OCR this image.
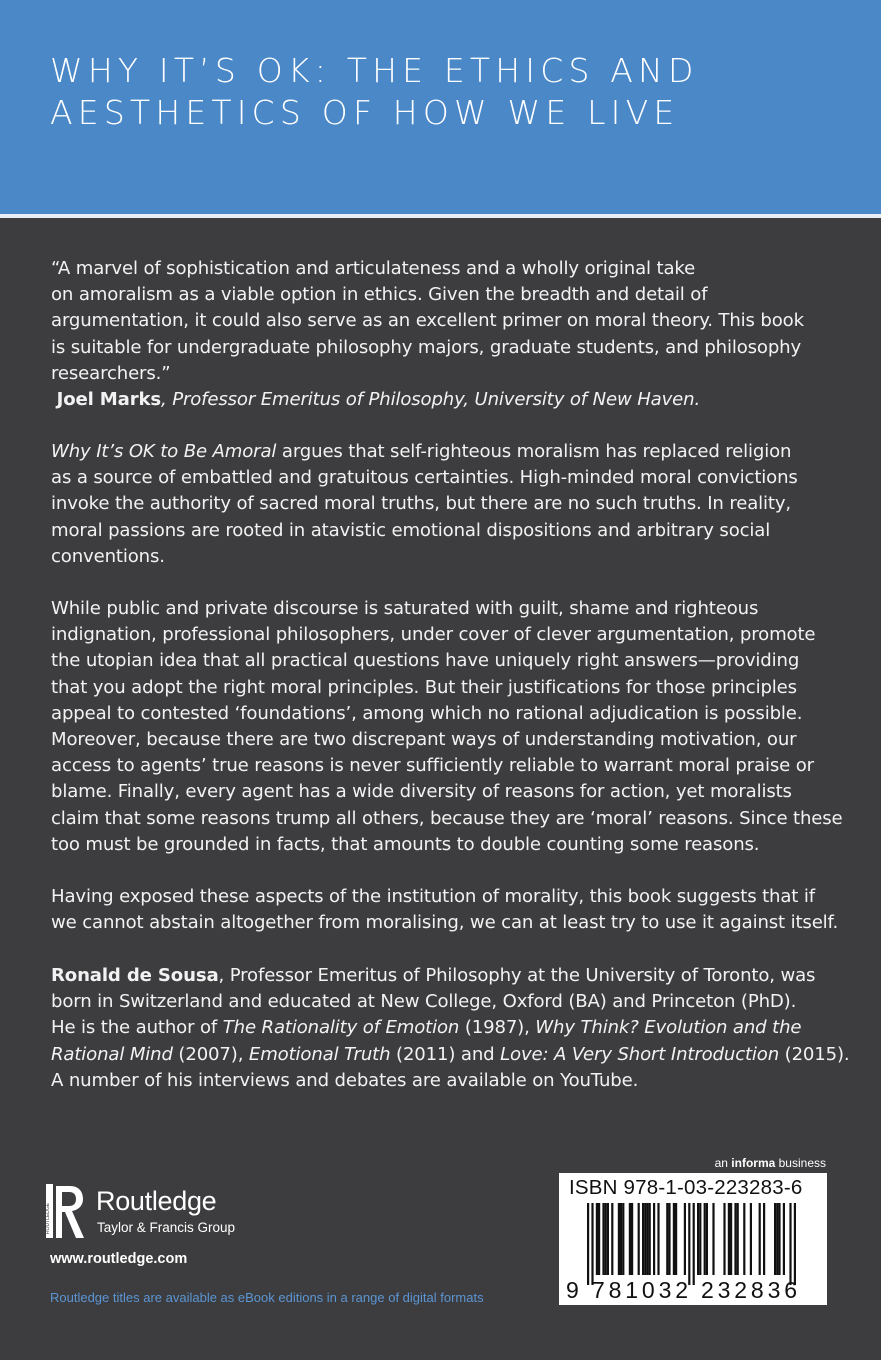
WHY IT’S OK: THE ETHICS AND
AESTHETICS OF HOW WE LIVE
“A marvel of sophistication and articulateness and a wholly original take
on amoralism as a viable option in ethics. Given the breadth and detail of
argumentation, it could also serve as an excellent primer on moral theory. This book
is suitable for undergraduate philosophy majors, graduate students, and philosophy
researchers.”
Joel Marks, Professor Emeritus of Philosophy, University of New Haven.
Why It’s OK to Be Amoral argues that self-righteous moralism has replaced religion
as a source of embattled and gratuitous certainties. High-minded moral convictions
invoke the authority of sacred moral truths, but there are no such truths. In reality,
moral passions are rooted in atavistic emotional dispositions and arbitrary social
conventions.
While public and private discourse is saturated with guilt, shame and righteous
indignation, professional philosophers, under cover of clever argumentation, promote
the utopian idea that all practical questions have uniquely right answers—providing
that you adopt the right moral principles. But their justifications for those principles
appeal to contested ‘foundations’, among which no rational adjudication is possible.
Moreover, because there are two discrepant ways of understanding motivation, our
access to agents’ true reasons is never sufficiently reliable to warrant moral praise or
blame. Finally, every agent has a wide diversity of reasons for action, yet moralists
claim that some reasons trump all others, because they are ‘moral’ reasons. Since these
too must be grounded in facts, that amounts to double counting some reasons.
Having exposed these aspects of the institution of morality, this book suggests that if
we cannot abstain altogether from moralising, we can at least try to use it against itself.
Ronald de Sousa, Professor Emeritus of Philosophy at the University of Toronto, was
born in Switzerland and educated at New College, Oxford (BA) and Princeton (PhD).
He is the author of The Rationality of Emotion (1987), Why Think? Evolution and the
Rational Mind (2007), Emotional Truth (2011) and Love: A Very Short Introduction (2015).
A number of his interviews and debates are available on YouTube.
ROUTLEDGE
Routledge
Taylor & Francis Group
www.routledge.com
Routledge titles are available as eBook editions in a range of digital formats
an informa business
ISBN 978-1-03-223283-6
9 781032 232836
